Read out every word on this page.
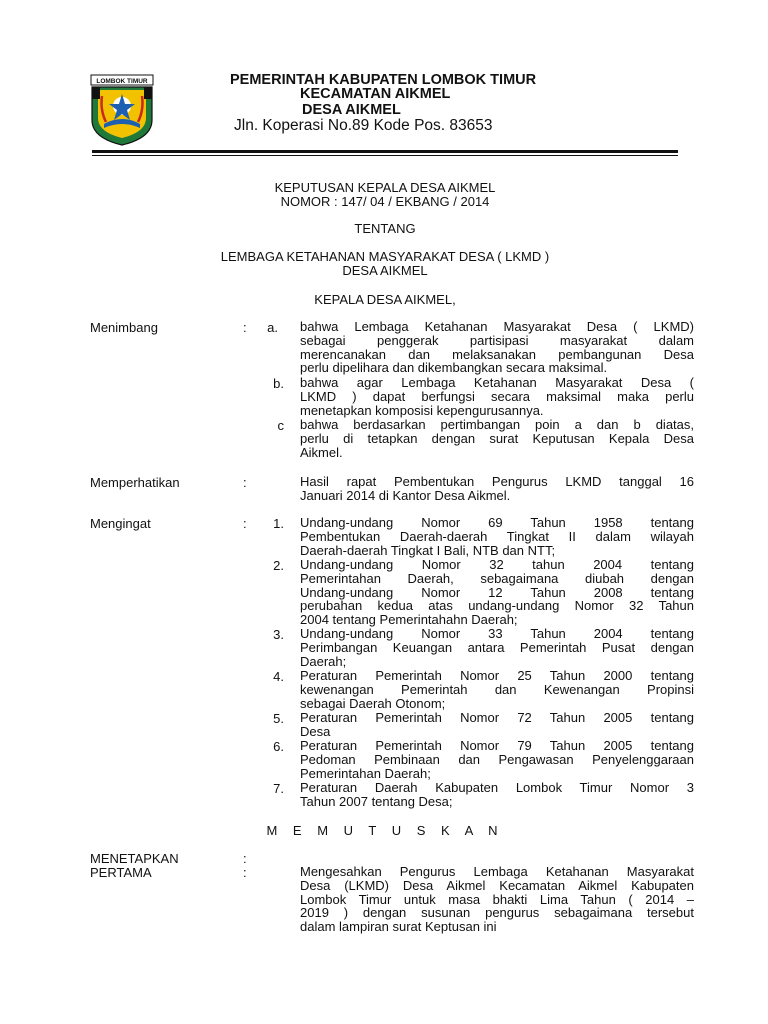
LOMBOK TIMUR	PEMERINTAH KABUPATEN LOMBOK TIMUR
KECAMATAN AIKMEL
DESA AIKMEL
Jln. Koperasi No.89 Kode Pos. 83653
KEPUTUSAN KEPALA DESA AIKMEL
NOMOR : 147/ 04 / EKBANG / 2014
TENTANG
LEMBAGA KETAHANAN MASYARAKAT DESA ( LKMD )
DESA AIKMEL
KEPALA DESA AIKMEL,
Menimbang	:	a. bahwa Lembaga Ketahanan Masyarakat Desa ( LKMD)
sebagai penggerak partisipasi masyarakat dalam
merencanakan dan melaksanakan pembangunan Desa
perlu dipelihara dan dikembangkan secara maksimal.
b. bahwa agar Lembaga Ketahanan Masyarakat Desa (
LKMD ) dapat berfungsi secara maksimal maka perlu
menetapkan komposisi kepengurusannya.
c bahwa berdasarkan pertimbangan poin a dan b diatas,
perlu di tetapkan dengan surat Keputusan Kepala Desa
Aikmel.
Memperhatikan	:	Hasil rapat Pembentukan Pengurus LKMD tanggal 16
Januari 2014 di Kantor Desa Aikmel.
Mengingat	:	1. Undang-undang Nomor 69 Tahun 1958 tentang
Pembentukan Daerah-daerah Tingkat II dalam wilayah
Daerah-daerah Tingkat I Bali, NTB dan NTT;
2. Undang-undang Nomor 32 tahun 2004 tentang
Pemerintahan Daerah, sebagaimana diubah dengan
Undang-undang Nomor 12 Tahun 2008 tentang
perubahan kedua atas undang-undang Nomor 32 Tahun
2004 tentang Pemerintahahn Daerah;
3. Undang-undang Nomor 33 Tahun 2004 tentang
Perimbangan Keuangan antara Pemerintah Pusat dengan
Daerah;
4. Peraturan Pemerintah Nomor 25 Tahun 2000 tentang
kewenangan Pemerintah dan Kewenangan Propinsi
sebagai Daerah Otonom;
5. Peraturan Pemerintah Nomor 72 Tahun 2005 tentang
Desa
6. Peraturan Pemerintah Nomor 79 Tahun 2005 tentang
Pedoman Pembinaan dan Pengawasan Penyelenggaraan
Pemerintahan Daerah;
7. Peraturan Daerah Kabupaten Lombok Timur Nomor 3
Tahun 2007 tentang Desa;
M E M U T U S K A N
MENETAPKAN	:
PERTAMA	:	Mengesahkan Pengurus Lembaga Ketahanan Masyarakat
Desa (LKMD) Desa Aikmel Kecamatan Aikmel Kabupaten
Lombok Timur untuk masa bhakti Lima Tahun ( 2014 –
2019 ) dengan susunan pengurus sebagaimana tersebut
dalam lampiran surat Keptusan ini
